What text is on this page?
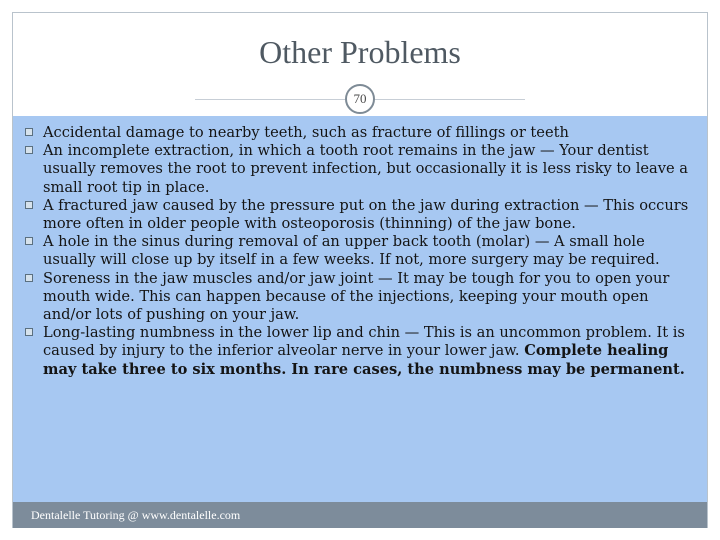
Other Problems
70
Accidental damage to nearby teeth, such as fracture of fillings or teeth
An incomplete extraction, in which a tooth root remains in the jaw — Your dentist usually removes the root to prevent infection, but occasionally it is less risky to leave a small root tip in place.
A fractured jaw caused by the pressure put on the jaw during extraction — This occurs more often in older people with osteoporosis (thinning) of the jaw bone.
A hole in the sinus during removal of an upper back tooth (molar) — A small hole usually will close up by itself in a few weeks. If not, more surgery may be required.
Soreness in the jaw muscles and/or jaw joint — It may be tough for you to open your mouth wide. This can happen because of the injections, keeping your mouth open and/or lots of pushing on your jaw.
Long-lasting numbness in the lower lip and chin — This is an uncommon problem. It is caused by injury to the inferior alveolar nerve in your lower jaw. Complete healing may take three to six months. In rare cases, the numbness may be permanent.
Dentalelle Tutoring @ www.dentalelle.com
